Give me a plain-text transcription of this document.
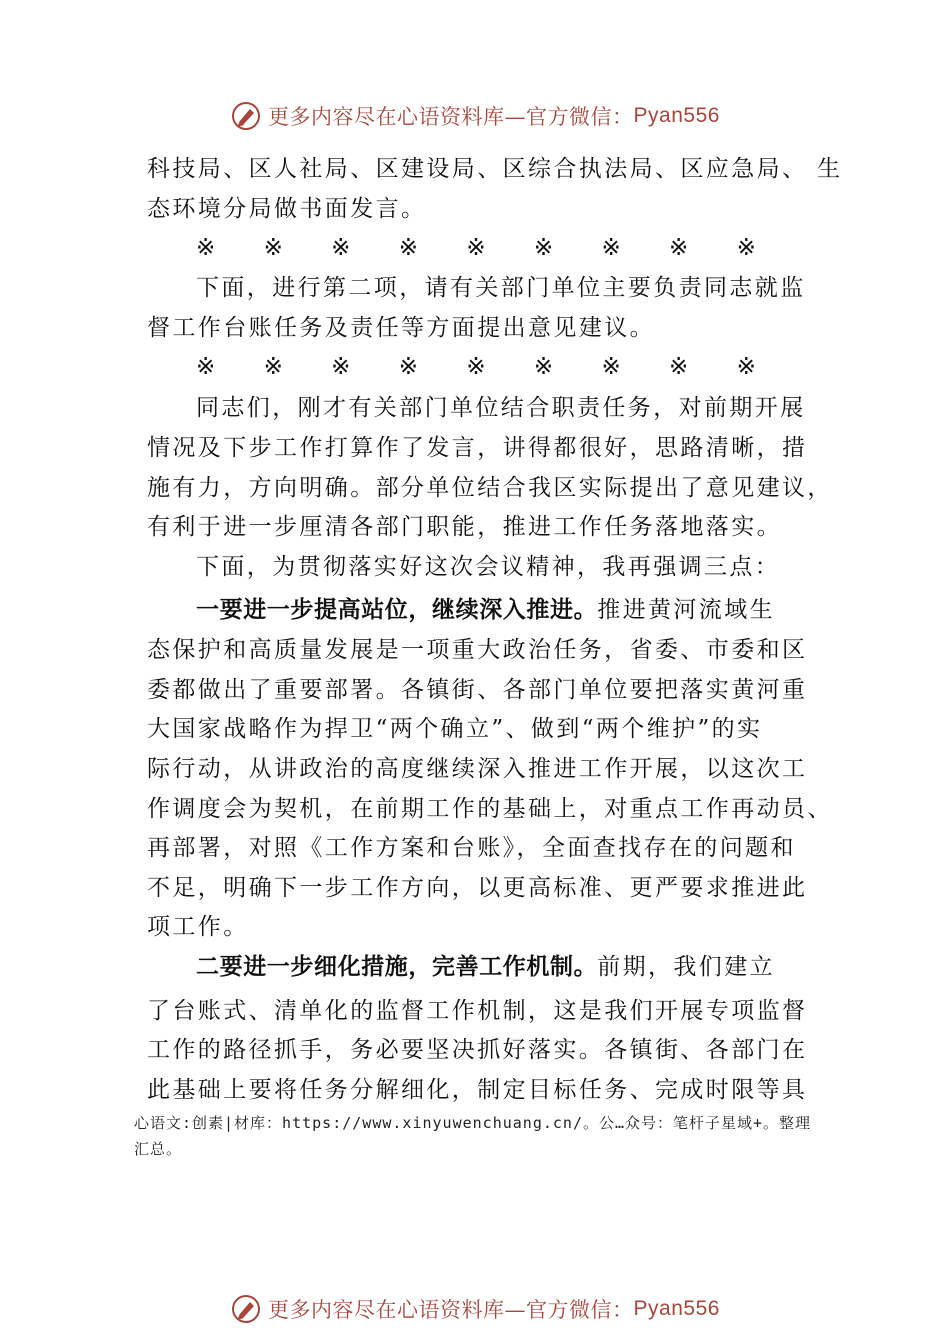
更多内容尽在心语资料库—官方微信： Pyan556
科技局、区人社局、区建设局、区综合执法局、区应急局、 生
态环境分局做书面发言。
※ ※ ※ ※ ※ ※ ※ ※ ※
下面，进行第二项，请有关部门单位主要负责同志就监
督工作台账任务及责任等方面提出意见建议。
※ ※ ※ ※ ※ ※ ※ ※ ※
同志们，刚才有关部门单位结合职责任务，对前期开展
情况及下步工作打算作了发言，讲得都很好，思路清晰，措
施有力，方向明确。部分单位结合我区实际提出了意见建议，
有利于进一步厘清各部门职能，推进工作任务落地落实。
下面，为贯彻落实好这次会议精神，我再强调三点：
一要进一步提高站位，继续深入推进。推进黄河流域生
态保护和高质量发展是一项重大政治任务，省委、市委和区
委都做出了重要部署。各镇街、各部门单位要把落实黄河重
大国家战略作为捍卫“两个确立”、做到“两个维护”的实
际行动，从讲政治的高度继续深入推进工作开展，以这次工
作调度会为契机，在前期工作的基础上，对重点工作再动员、
再部署，对照《工作方案和台账》，全面查找存在的问题和
不足，明确下一步工作方向，以更高标准、更严要求推进此
项工作。
二要进一步细化措施，完善工作机制。前期，我们建立
了台账式、清单化的监督工作机制，这是我们开展专项监督
工作的路径抓手，务必要坚决抓好落实。各镇街、各部门在
此基础上要将任务分解细化，制定目标任务、完成时限等具
心语文:创素|材库：https://www.xinyuwenchuang.cn/。公…众号：笔杆子星域+。整理
汇总。
更多内容尽在心语资料库—官方微信： Pyan556
